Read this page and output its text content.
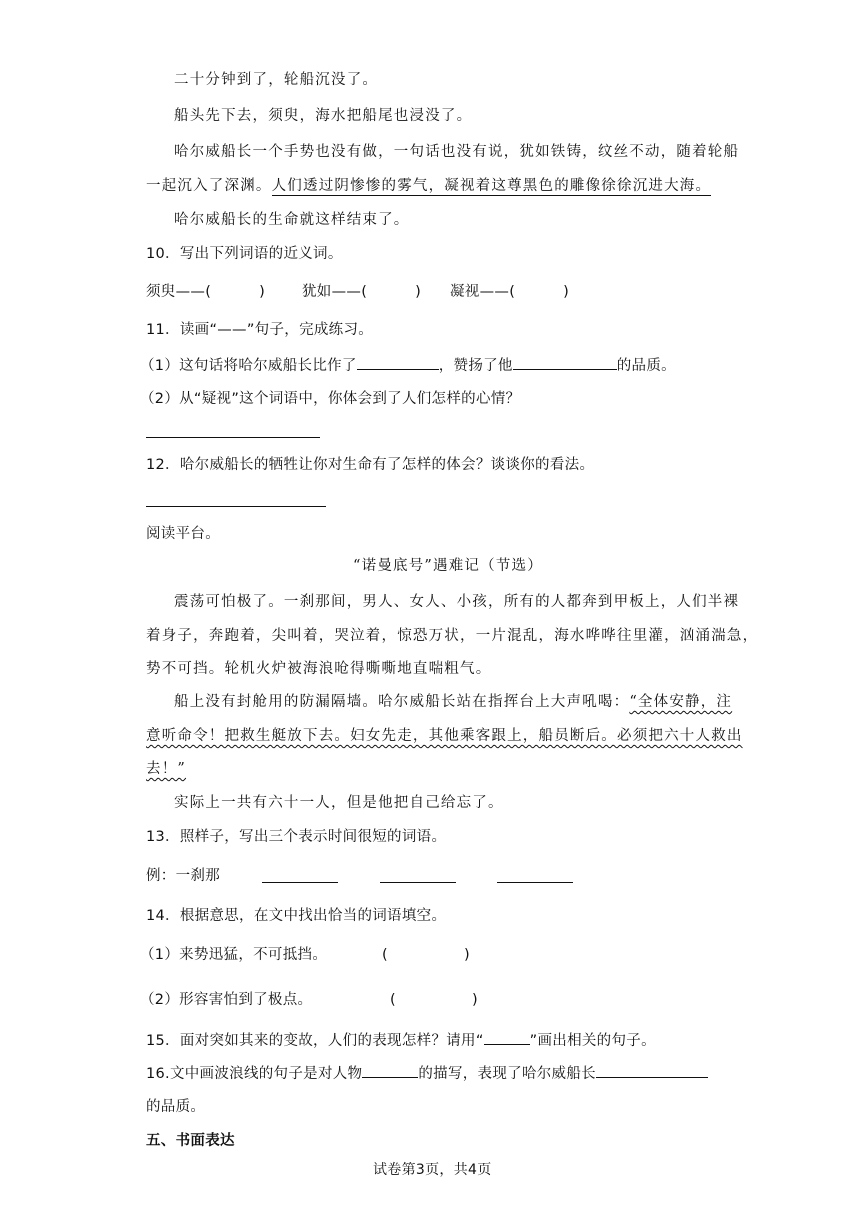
二十分钟到了，轮船沉没了。
船头先下去，须臾，海水把船尾也浸没了。
哈尔威船长一个手势也没有做，一句话也没有说，犹如铁铸，纹丝不动，随着轮船
一起沉入了深渊。人们透过阴惨惨的雾气，凝视着这尊黑色的雕像徐徐沉进大海。
哈尔威船长的生命就这样结束了。
10．写出下列词语的近义词。
须臾——(	)	犹如——(	) 凝视——(	)
11．读画“——”句子，完成练习。
（1）这句话将哈尔威船长比作了	，赞扬了他	的品质。
（2）从“疑视”这个词语中，你体会到了人们怎样的心情？
12．哈尔威船长的牺牲让你对生命有了怎样的体会？谈谈你的看法。
阅读平台。
“诺曼底号”遇难记（节选）
震荡可怕极了。一刹那间，男人、女人、小孩，所有的人都奔到甲板上，人们半裸
着身子，奔跑着，尖叫着，哭泣着，惊恐万状，一片混乱，海水哗哗往里灌，汹涌湍急，
势不可挡。轮机火炉被海浪呛得嘶嘶地直喘粗气。
船上没有封舱用的防漏隔墙。哈尔威船长站在指挥台上大声吼喝：“全体安静，注
意听命令！把救生艇放下去。妇女先走，其他乘客跟上，船员断后。必须把六十人救出
去！”
实际上一共有六十一人，但是他把自己给忘了。
13．照样子，写出三个表示时间很短的词语。
例：一刹那
14．根据意思，在文中找出恰当的词语填空。
（1）来势迅猛，不可抵挡。	(	)
（2）形容害怕到了极点。	(	)
15．面对突如其来的变故，人们的表现怎样？请用“	”画出相关的句子。
16.文中画波浪线的句子是对人物	的描写，表现了哈尔威船长
的品质。
五、书面表达
试卷第3页，共4页
